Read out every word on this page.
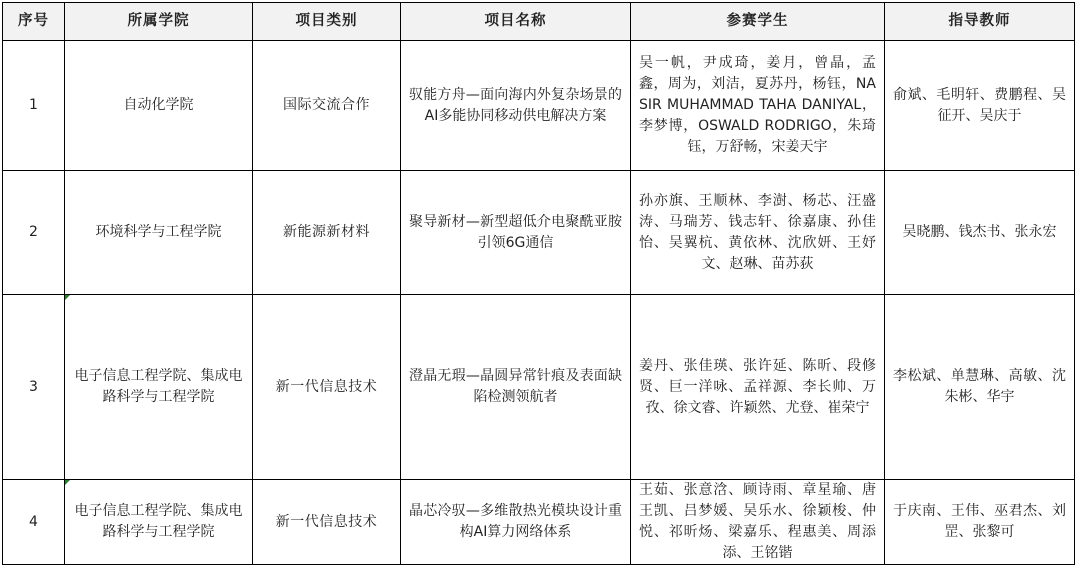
序号	所属学院	项目类别	项目名称	参赛学生	指导教师
1	自动化学院	国际交流合作	驭能方舟—面向海内外复杂场景的AI多能协同移动供电解决方案	吴一帆，尹成琦，姜月，曾晶，孟鑫，周为，刘洁，夏苏丹，杨钰，NASIR MUHAMMAD TAHA DANIYAL，李梦博，OSWALD RODRIGO，朱琦钰，万舒畅，宋姜天宇	俞斌、毛明轩、费鹏程、吴征开、吴庆于
2	环境科学与工程学院	新能源新材料	聚导新材—新型超低介电聚酰亚胺引领6G通信	孙亦旗、王顺林、李澍、杨芯、汪盛涛、马瑞芳、钱志轩、徐嘉康、孙佳怡、吴翼杭、黄依林、沈欣妍、王妤文、赵琳、苗苏荻	吴晓鹏、钱杰书、张永宏
3	电子信息工程学院、集成电路科学与工程学院	新一代信息技术	澄晶无瑕—晶圆异常针痕及表面缺陷检测领航者	姜丹、张佳瑛、张许延、陈昕、段修贤、巨一洋咏、孟祥源、李长帅、万孜、徐文睿、许颖然、尤登、崔荣宁	李松斌、单慧琳、高敏、沈朱彬、华宇
4	电子信息工程学院、集成电路科学与工程学院	新一代信息技术	晶芯冷驭—多维散热光模块设计重构AI算力网络体系	王茹、张意浛、顾诗雨、章星瑜、唐王凯、吕梦媛、吴乐水、徐颖梭、仲悦、祁昕炀、梁嘉乐、程惠美、周添添、王铭锴	于庆南、王伟、巫君杰、刘罡、张黎可
